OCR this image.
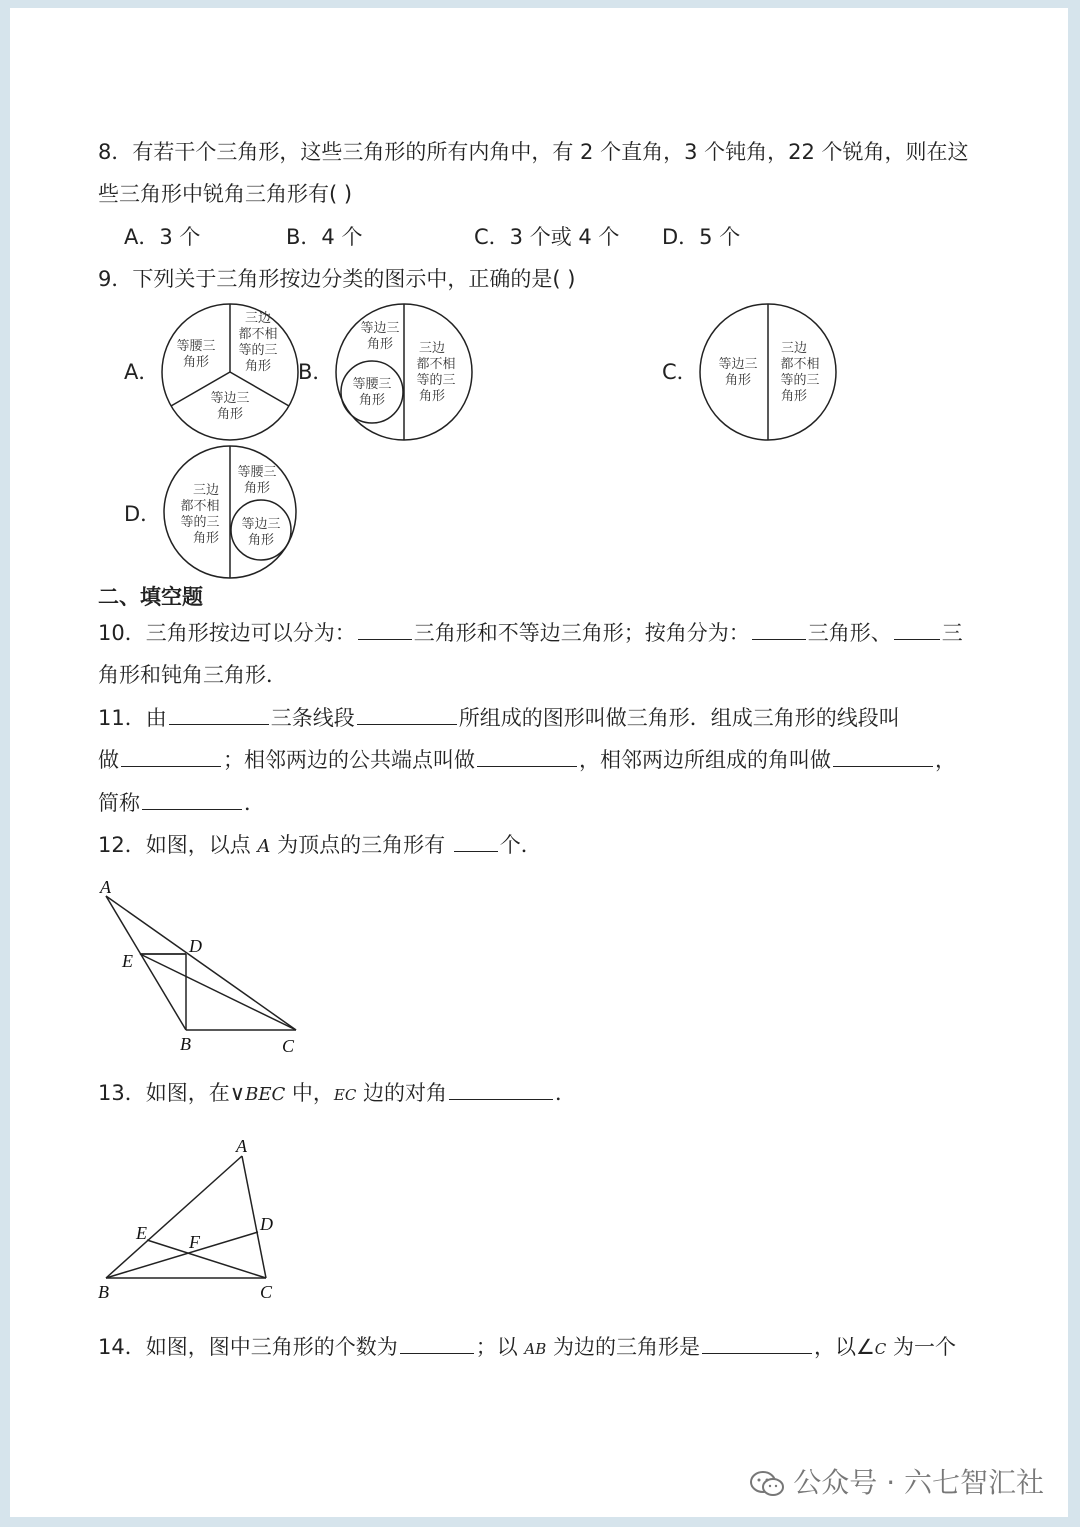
8．有若干个三角形，这些三角形的所有内角中，有 2 个直角，3 个钝角，22 个锐角，则在这
些三角形中锐角三角形有( )
A．3 个	B．4 个	C．3 个或 4 个 D．5 个
9．下列关于三角形按边分类的图示中，正确的是( )
A．	B．	C．
D．
等腰三
角形
三边
都不相
等的三
角形
等边三
角形
等边三
角形
等腰三
角形
三边
都不相
等的三
角形
等边三
角形
三边
都不相
等的三
角形
三边
都不相
等的三
角形
等腰三
角形
等边三
角形
二、填空题
10．三角形按边可以分为：	三角形和不等边三角形；按角分为：	三角形、 三
角形和钝角三角形．
11．由	三条线段	所组成的图形叫做三角形．组成三角形的线段叫
做	；相邻两边的公共端点叫做	，相邻两边所组成的角叫做	，
简称	．
12．如图，以点 A 为顶点的三角形有 个．
A
D
E
B	C
13．如图，在∨BEC 中，EC 边的对角	．
A
E	D
F
B	C
14．如图，图中三角形的个数为	；以 AB 为边的三角形是	，以∠C 为一个
公众号 · 六七智汇社
